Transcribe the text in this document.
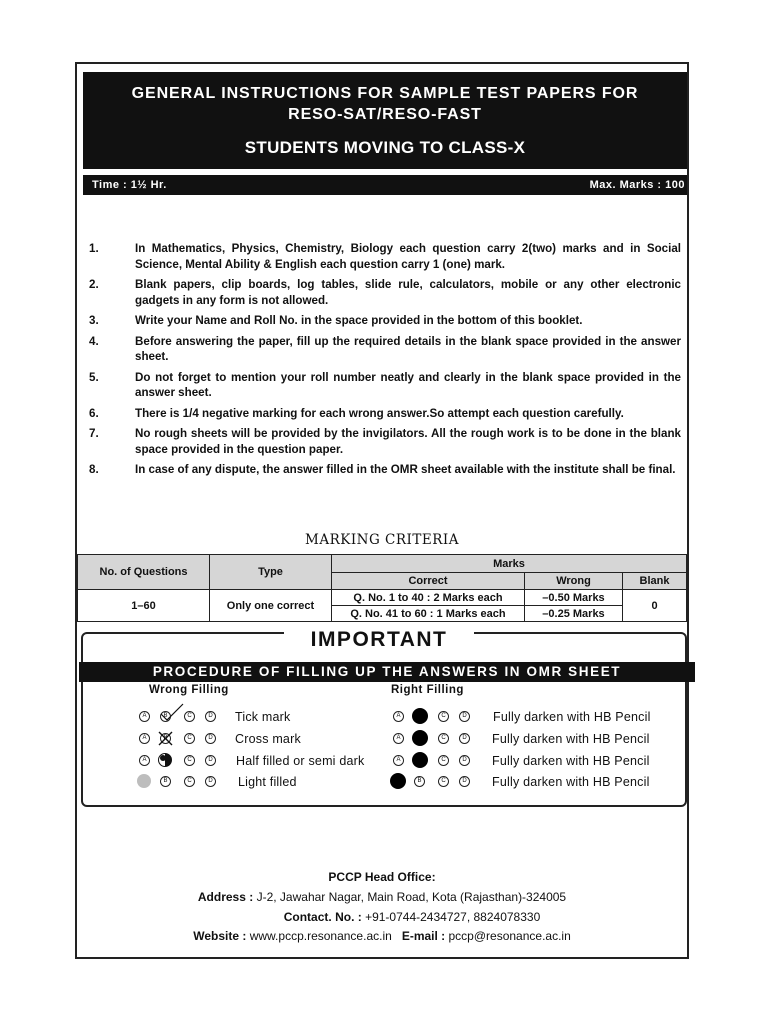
GENERAL INSTRUCTIONS FOR SAMPLE TEST PAPERS FOR
RESO-SAT/RESO-FAST
STUDENTS MOVING TO CLASS-X
Time : 1½ Hr.	Max. Marks : 100
1.	In Mathematics, Physics, Chemistry, Biology each question carry 2(two) marks and in Social Science, Mental Ability & English each question carry 1 (one) mark.
2.	Blank papers, clip boards, log tables, slide rule, calculators, mobile or any other electronic gadgets in any form is not allowed.
3.	Write your Name and Roll No. in the space provided in the bottom of this booklet.
4.	Before answering the paper, fill up the required details in the blank space provided in the answer sheet.
5.	Do not forget to mention your roll number neatly and clearly in the blank space provided in the answer sheet.
6.	There is 1/4 negative marking for each wrong answer.So attempt each question carefully.
7.	No rough sheets will be provided by the invigilators. All the rough work is to be done in the blank space provided in the question paper.
8.	In case of any dispute, the answer filled in the OMR sheet available with the institute shall be final.
MARKING CRITERIA
No. of Questions	Type	Marks		
		Correct	Wrong	Blank
1–60	Only one correct	Q. No. 1 to 40 : 2 Marks each	–0.50 Marks	0
		Q. No. 41 to 60 : 1 Marks each	–0.25 Marks	
IMPORTANT
PROCEDURE OF FILLING UP THE ANSWERS IN OMR SHEET
Wrong Filling	Right Filling
A	B	C	D Tick mark
A	C	D Cross mark
A	C	D Half filled or semi dark
B	C	D Light filled
A	C	D Fully darken with HB Pencil
A	C	D Fully darken with HB Pencil
A	C	D Fully darken with HB Pencil
B	C	D Fully darken with HB Pencil
PCCP Head Office:
Address : J-2, Jawahar Nagar, Main Road, Kota (Rajasthan)-324005
Contact. No. : +91-0744-2434727, 8824078330
Website : www.pccp.resonance.ac.in E-mail : pccp@resonance.ac.in
